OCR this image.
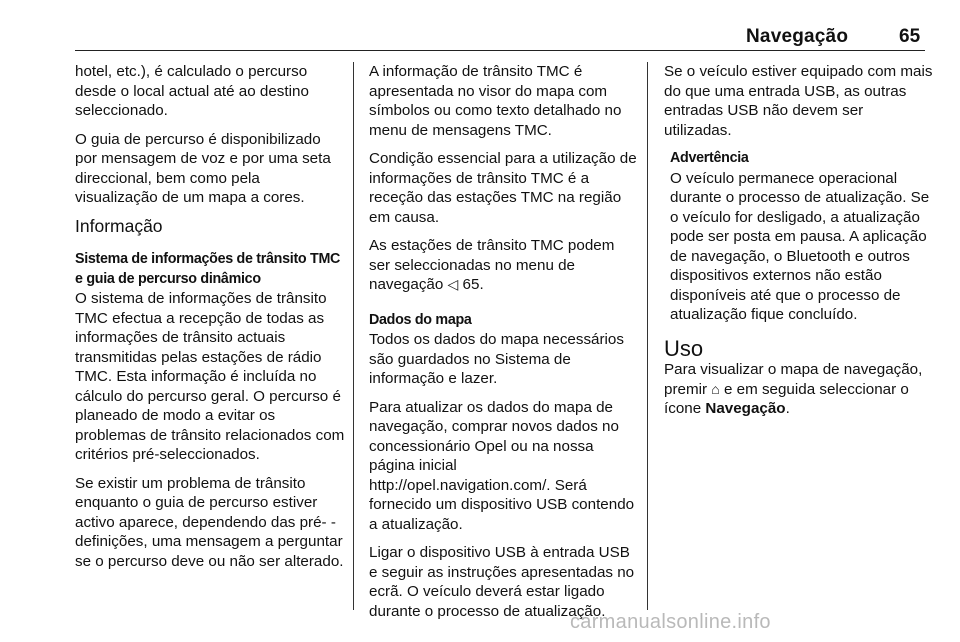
Navegação	65

hotel, etc.), é calculado o percurso desde o local actual até ao destino seleccionado.

O guia de percurso é disponibilizado por mensagem de voz e por uma seta direccional, bem como pela visualização de um mapa a cores.

Informação
Sistema de informações de trânsito TMC e guia de percurso dinâmico

O sistema de informações de trânsito TMC efectua a recepção de todas as informações de trânsito actuais transmitidas pelas estações de rádio TMC. Esta informação é incluída no cálculo do percurso geral. O percurso é planeado de modo a evitar os problemas de trânsito relacionados com critérios pré-seleccionados.

Se existir um problema de trânsito enquanto o guia de percurso estiver activo aparece, dependendo das pré- -definições, uma mensagem a perguntar se o percurso deve ou não ser alterado.

A informação de trânsito TMC é apresentada no visor do mapa com símbolos ou como texto detalhado no menu de mensagens TMC.

Condição essencial para a utilização de informações de trânsito TMC é a receção das estações TMC na região em causa.

As estações de trânsito TMC podem ser seleccionadas no menu de navegação ◁ 65.

Dados do mapa

Todos os dados do mapa necessários são guardados no Sistema de informação e lazer.

Para atualizar os dados do mapa de navegação, comprar novos dados no concessionário Opel ou na nossa página inicial http://opel.navigation.com/. Será fornecido um dispositivo USB contendo a atualização.

Ligar o dispositivo USB à entrada USB e seguir as instruções apresentadas no ecrã. O veículo deverá estar ligado durante o processo de atualização.

Se o veículo estiver equipado com mais do que uma entrada USB, as outras entradas USB não devem ser utilizadas.

Advertência

O veículo permanece operacional durante o processo de atualização. Se o veículo for desligado, a atualização pode ser posta em pausa. A aplicação de navegação, o Bluetooth e outros dispositivos externos não estão disponíveis até que o processo de atualização fique concluído.

Uso

Para visualizar o mapa de navegação, premir ⌂ e em seguida seleccionar o ícone Navegação.

carmanualsonline.info
